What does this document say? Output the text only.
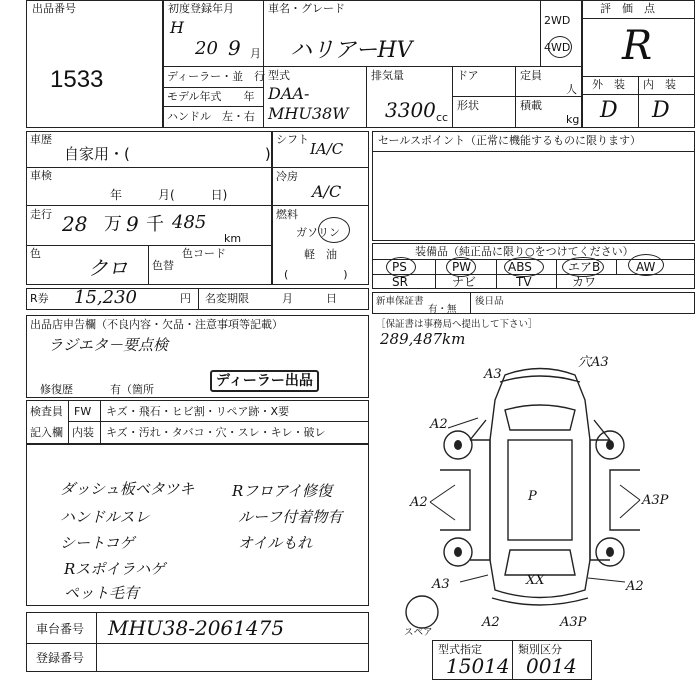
出品番号
1533
初度登録年月
H
20 9 月
車名・グレード
ハリアーHV
2WD
4WD
ディーラー・並　行
モデル年式　　年
ハンドル　左・右
型式
DAA-
MHU38W
排気量
3300 cc
ドア
形状
定員
人
積載
kg
評　価　点
R
外　装 内　装
D D
車歴
自家用・(　　　　　　　　　)
車検
年　　　月(　　　日)
走行 28 万 9 千 485
km
色
クロ 色替
色コード
シフト
IA/C
冷房
A/C
燃料
ガソリン
軽　油
(　　　　　)
R券 15,230	円 名変期限　　　月　　　日
セールスポイント（正常に機能するものに限ります）
装備品（純正品に限り○をつけてください）
PS	PW	ABS	エアB	AW
SR	ナビ	TV	カワ
新車保証書
有・無
後日品
出品店申告欄（不良内容・欠品・注意事項等記載）
ラジエタ－要点検
修復歴	有（箇所
ディーラー出品
検査員
記入欄
FW キズ・飛石・ヒビ割・リペア跡・X要
内装 キズ・汚れ・タバコ・穴・スレ・キレ・破レ
ダッシュ板ベタツキ
ハンドルスレ
シートコゲ
Rスポイラハゲ
ペット毛有
Rフロアイ修復
ルーフ付着物有
オイルもれ
［保証書は事務局へ提出して下さい］
289,487km
A3
穴A3
A2
A2	A3P
P
A3	XX	A2
A2	A3P
スペア
車台番号 MHU38-2061475
登録番号
型式指定
15014
類別区分
0014
